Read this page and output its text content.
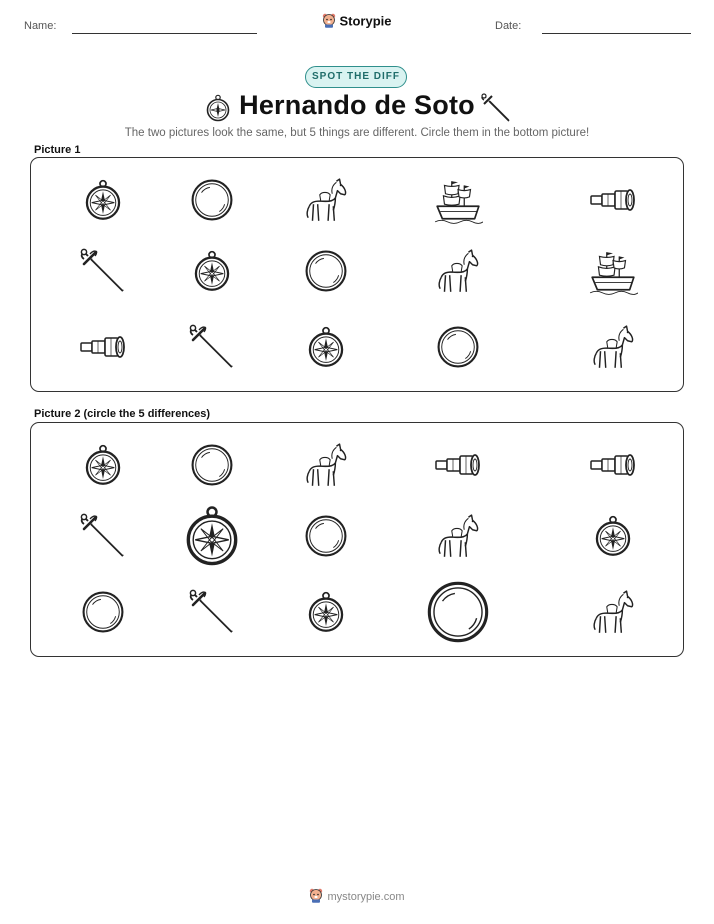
Name:	Storypie	Date:
SPOT THE DIFF
Hernando de Soto
The two pictures look the same, but 5 things are different. Circle them in the bottom picture!
Picture 1
Picture 2 (circle the 5 differences)
mystorypie.com
